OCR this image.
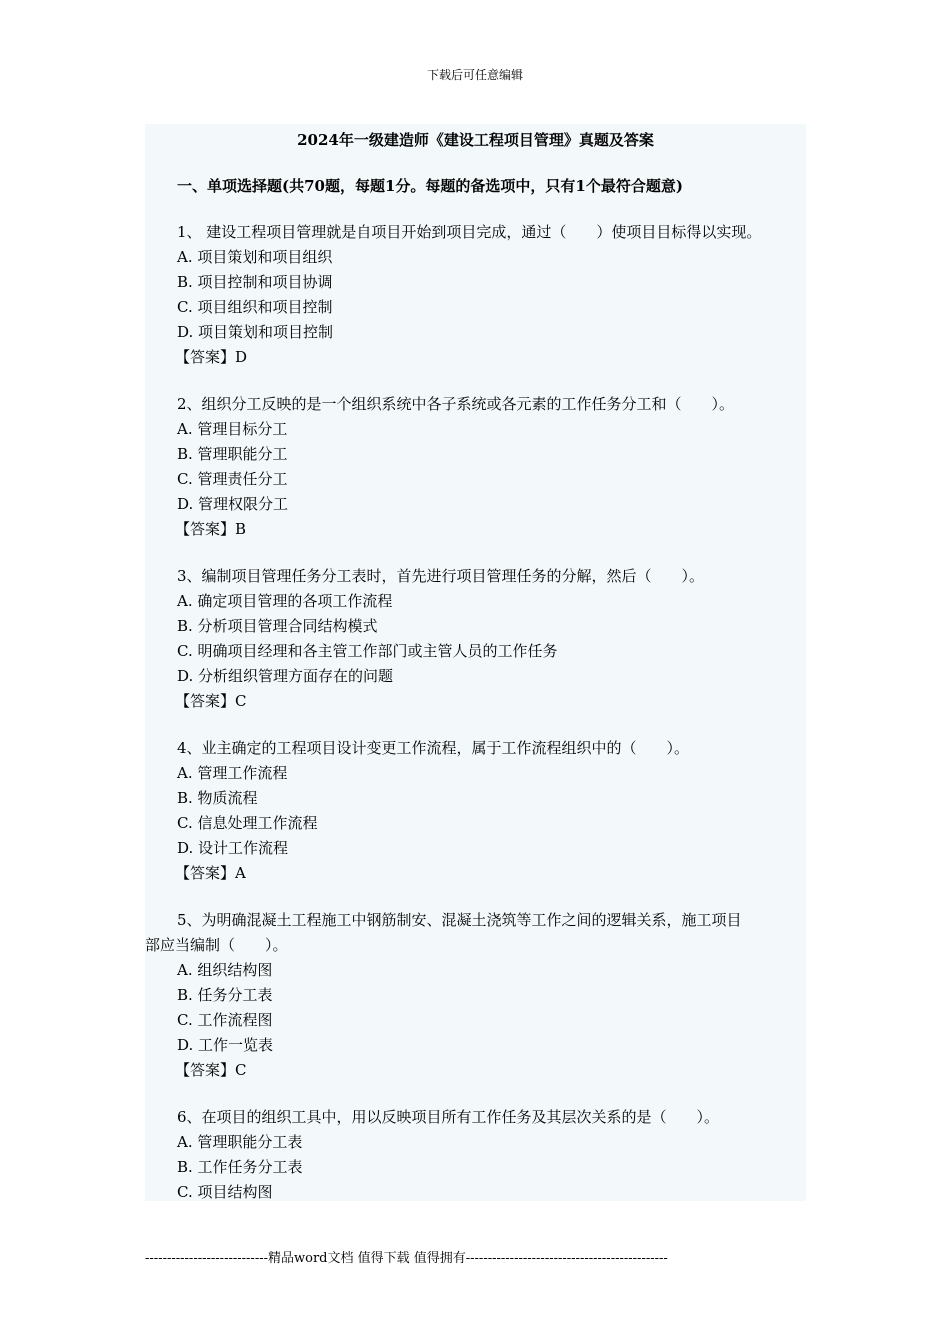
下载后可任意编辑
2024年一级建造师《建设工程项目管理》真题及答案
一、单项选择题(共70题，每题1分。每题的备选项中，只有1个最符合题意)
1、 建设工程项目管理就是自项目开始到项目完成，通过（　　）使项目目标得以实现。
A. 项目策划和项目组织
B. 项目控制和项目协调
C. 项目组织和项目控制
D. 项目策划和项目控制
【答案】D
2、组织分工反映的是一个组织系统中各子系统或各元素的工作任务分工和（　　）。
A. 管理目标分工
B. 管理职能分工
C. 管理责任分工
D. 管理权限分工
【答案】B
3、编制项目管理任务分工表时，首先进行项目管理任务的分解，然后（　　）。
A. 确定项目管理的各项工作流程
B. 分析项目管理合同结构模式
C. 明确项目经理和各主管工作部门或主管人员的工作任务
D. 分析组织管理方面存在的问题
【答案】C
4、业主确定的工程项目设计变更工作流程，属于工作流程组织中的（　　）。
A. 管理工作流程
B. 物质流程
C. 信息处理工作流程
D. 设计工作流程
【答案】A
5、为明确混凝土工程施工中钢筋制安、混凝土浇筑等工作之间的逻辑关系，施工项目
部应当编制（　　）。
A. 组织结构图
B. 任务分工表
C. 工作流程图
D. 工作一览表
【答案】C
6、在项目的组织工具中，用以反映项目所有工作任务及其层次关系的是（　　）。
A. 管理职能分工表
B. 工作任务分工表
C. 项目结构图
----------------------------精品word文档 值得下载 值得拥有----------------------------------------------
